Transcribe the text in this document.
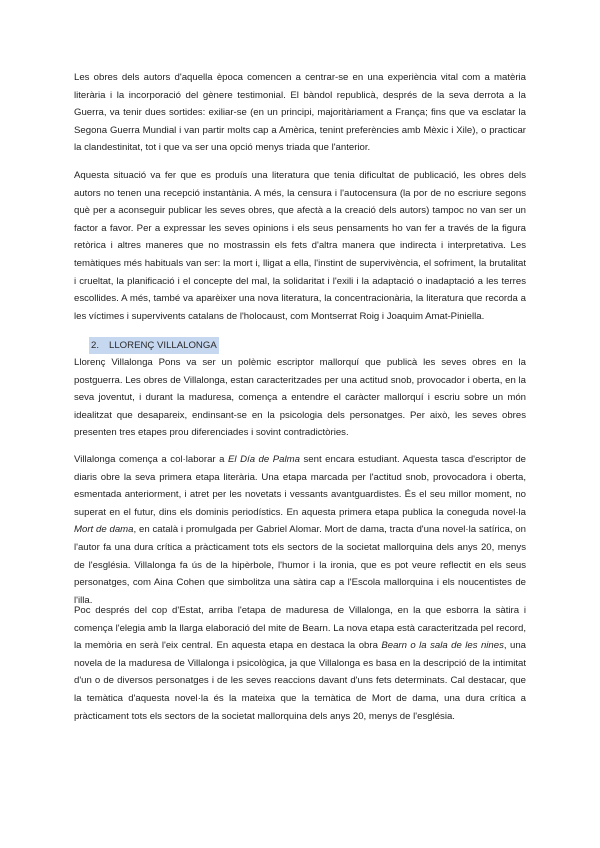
Les obres dels autors d'aquella època comencen a centrar-se en una experiència vital com a matèria literària i la incorporació del gènere testimonial. El bàndol republicà, després de la seva derrota a la Guerra, va tenir dues sortides: exiliar-se (en un principi, majoritàriament a França; fins que va esclatar la Segona Guerra Mundial i van partir molts cap a Amèrica, tenint preferències amb Mèxic i Xile), o practicar la clandestinitat, tot i que va ser una opció menys triada que l'anterior.

Aquesta situació va fer que es produís una literatura que tenia dificultat de publicació, les obres dels autors no tenen una recepció instantània. A més, la censura i l'autocensura (la por de no escriure segons què per a aconseguir publicar les seves obres, que afectà a la creació dels autors) tampoc no van ser un factor a favor. Per a expressar les seves opinions i els seus pensaments ho van fer a través de la figura retòrica i altres maneres que no mostrassin els fets d'altra manera que indirecta i interpretativa. Les temàtiques més habituals van ser: la mort i, lligat a ella, l'instint de supervivència, el sofriment, la brutalitat i crueltat, la planificació i el concepte del mal, la solidaritat i l'exili i la adaptació o inadaptació a les terres escollides. A més, també va aparèixer una nova literatura, la concentracionària, la literatura que recorda a les víctimes i supervivents catalans de l'holocaust, com Montserrat Roig i Joaquim Amat-Piniella.

2. LLORENÇ VILLALONGA

Llorenç Villalonga Pons va ser un polèmic escriptor mallorquí que publicà les seves obres en la postguerra. Les obres de Villalonga, estan caracteritzades per una actitud snob, provocador i oberta, en la seva joventut, i durant la maduresa, comença a entendre el caràcter mallorquí i escriu sobre un món idealitzat que desapareix, endinsant-se en la psicologia dels personatges. Per això, les seves obres presenten tres etapes prou diferenciades i sovint contradictòries.

Villalonga comença a col·laborar a El Día de Palma sent encara estudiant. Aquesta tasca d'escriptor de diaris obre la seva primera etapa literària. Una etapa marcada per l'actitud snob, provocadora i oberta, esmentada anteriorment, i atret per les novetats i vessants avantguardistes. És el seu millor moment, no superat en el futur, dins els dominis periodístics. En aquesta primera etapa publica la coneguda novel·la Mort de dama, en català i promulgada per Gabriel Alomar. Mort de dama, tracta d'una novel·la satírica, on l'autor fa una dura crítica a pràcticament tots els sectors de la societat mallorquina dels anys 20, menys de l'església. Villalonga fa ús de la hipèrbole, l'humor i la ironia, que es pot veure reflectit en els seus personatges, com Aina Cohen que simbolitza una sàtira cap a l'Escola mallorquina i els noucentistes de l'illa.

Poc després del cop d'Estat, arriba l'etapa de maduresa de Villalonga, en la que esborra la sàtira i comença l'elegia amb la llarga elaboració del mite de Bearn. La nova etapa està caracteritzada pel record, la memòria en serà l'eix central. En aquesta etapa en destaca la obra Bearn o la sala de les nines, una novela de la maduresa de Villalonga i psicològica, ja que Villalonga es basa en la descripció de la intimitat d'un o de diversos personatges i de les seves reaccions davant d'uns fets determinats. Cal destacar, que la temàtica d'aquesta novel·la és la mateixa que la temàtica de Mort de dama, una dura crítica a pràcticament tots els sectors de la societat mallorquina dels anys 20, menys de l'església.
